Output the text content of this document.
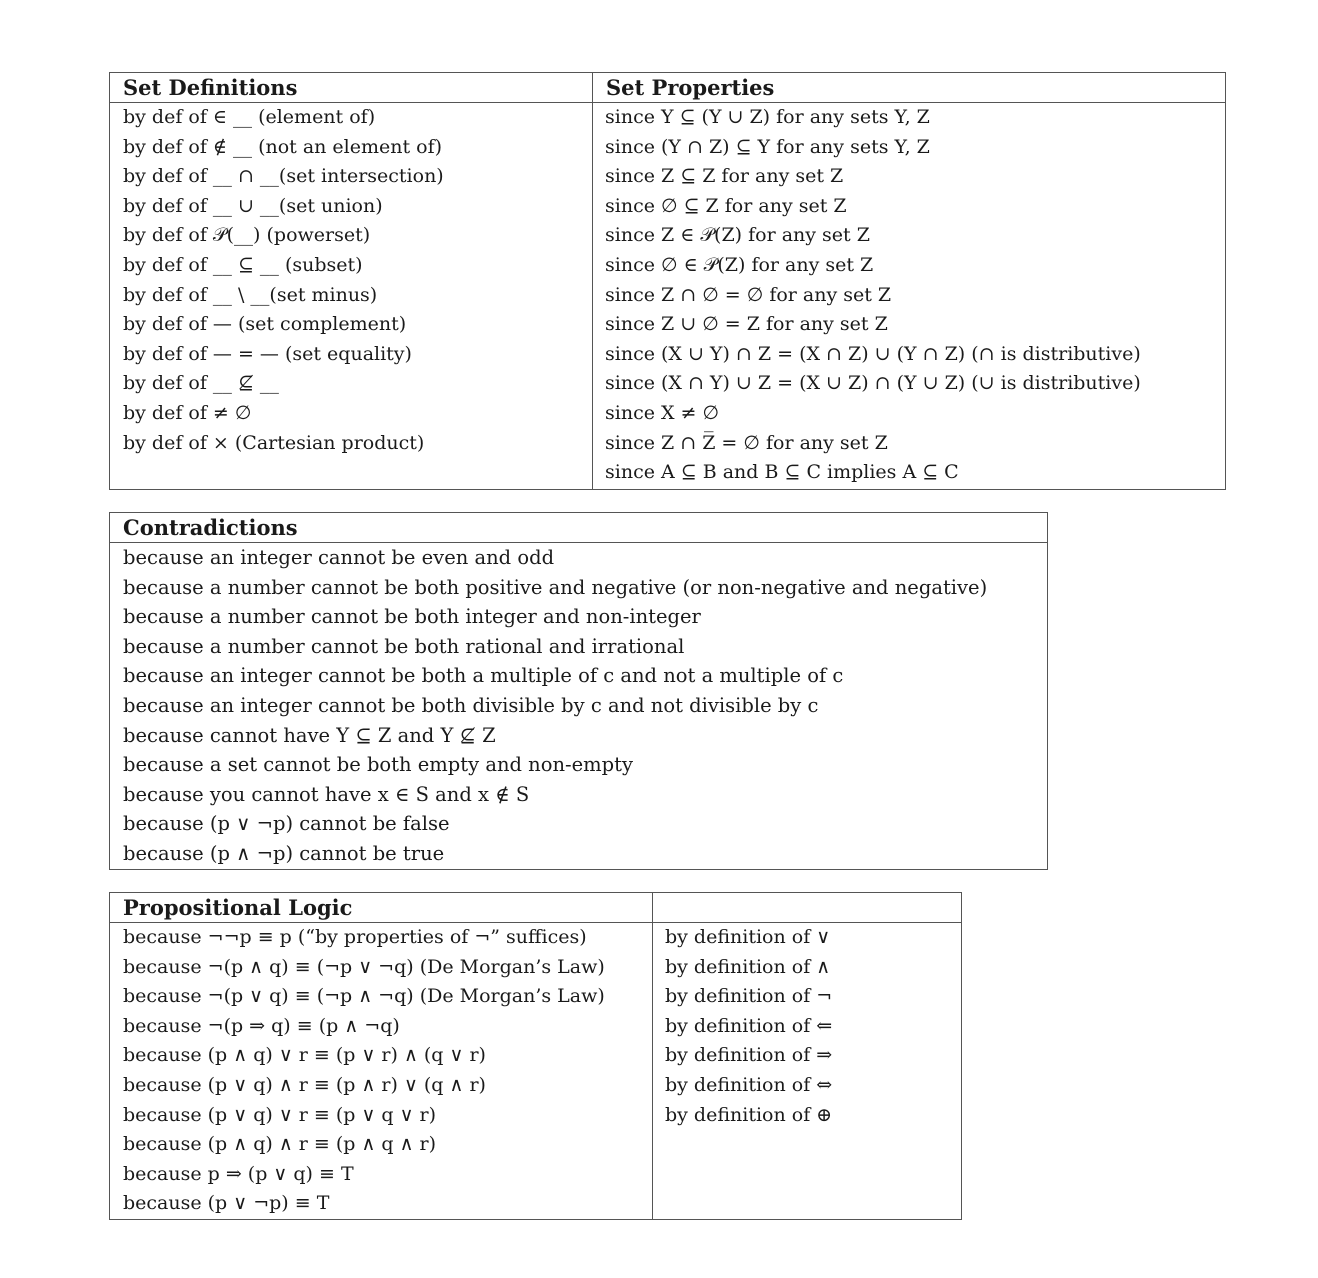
Set Definitions
by def of ∈ __ (element of)
by def of ∉ __ (not an element of)
by def of __ ∩ __(set intersection)
by def of __ ∪ __(set union)
by def of 𝒫(__) (powerset)
by def of __ ⊆ __ (subset)
by def of __ \ __(set minus)
by def of — (set complement)
by def of — = — (set equality)
by def of __ ⊈ __
by def of ≠ ∅
by def of × (Cartesian product)
Set Properties
since Y ⊆ (Y ∪ Z) for any sets Y, Z
since (Y ∩ Z) ⊆ Y for any sets Y, Z
since Z ⊆ Z for any set Z
since ∅ ⊆ Z for any set Z
since Z ∈ 𝒫(Z) for any set Z
since ∅ ∈ 𝒫(Z) for any set Z
since Z ∩ ∅ = ∅ for any set Z
since Z ∪ ∅ = Z for any set Z
since (X ∪ Y) ∩ Z = (X ∩ Z) ∪ (Y ∩ Z) (∩ is distributive)
since (X ∩ Y) ∪ Z = (X ∪ Z) ∩ (Y ∪ Z) (∪ is distributive)
since X ≠ ∅
since Z ∩ Z̅ = ∅ for any set Z
since A ⊆ B and B ⊆ C implies A ⊆ C
Contradictions
because an integer cannot be even and odd
because a number cannot be both positive and negative (or non-negative and negative)
because a number cannot be both integer and non-integer
because a number cannot be both rational and irrational
because an integer cannot be both a multiple of c and not a multiple of c
because an integer cannot be both divisible by c and not divisible by c
because cannot have Y ⊆ Z and Y ⊈ Z
because a set cannot be both empty and non-empty
because you cannot have x ∈ S and x ∉ S
because (p ∨ ¬p) cannot be false
because (p ∧ ¬p) cannot be true
Propositional Logic
because ¬¬p ≡ p (“by properties of ¬” suffices)
because ¬(p ∧ q) ≡ (¬p ∨ ¬q) (De Morgan’s Law)
because ¬(p ∨ q) ≡ (¬p ∧ ¬q) (De Morgan’s Law)
because ¬(p ⇒ q) ≡ (p ∧ ¬q)
because (p ∧ q) ∨ r ≡ (p ∨ r) ∧ (q ∨ r)
because (p ∨ q) ∧ r ≡ (p ∧ r) ∨ (q ∧ r)
because (p ∨ q) ∨ r ≡ (p ∨ q ∨ r)
because (p ∧ q) ∧ r ≡ (p ∧ q ∧ r)
because p ⇒ (p ∨ q) ≡ T
because (p ∨ ¬p) ≡ T
by definition of ∨
by definition of ∧
by definition of ¬
by definition of ⇐
by definition of ⇒
by definition of ⇔
by definition of ⊕
